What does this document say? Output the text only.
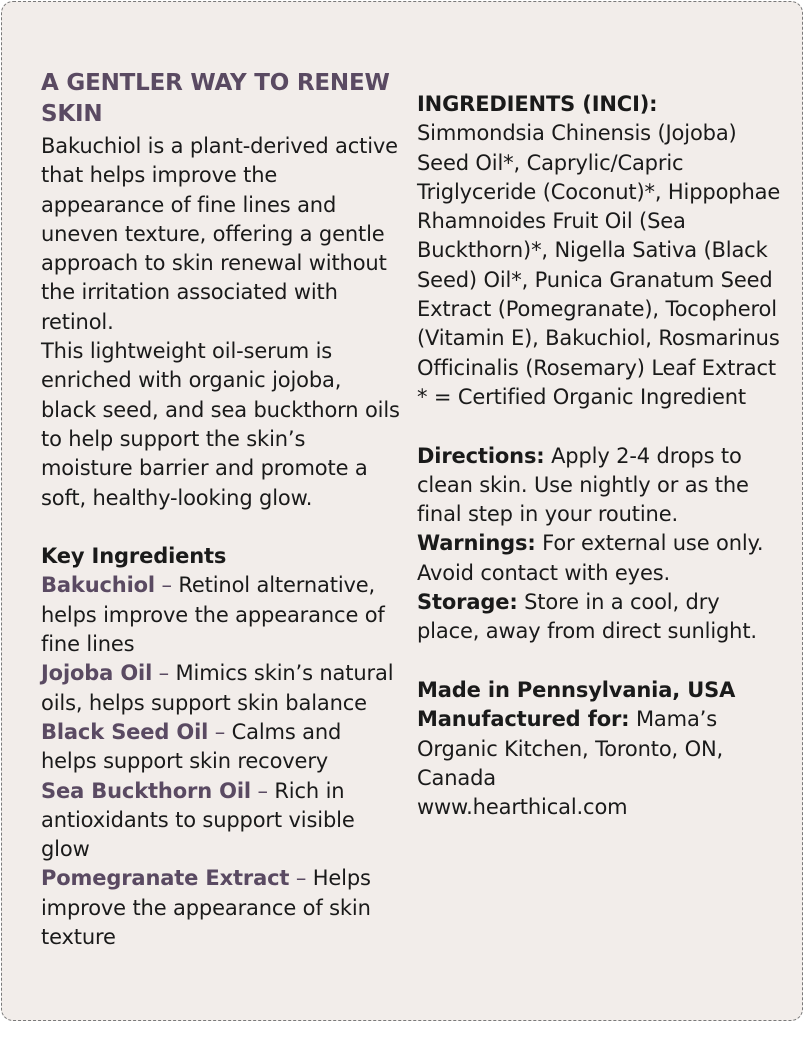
A GENTLER WAY TO RENEW SKIN

Bakuchiol is a plant-derived active that helps improve the appearance of fine lines and uneven texture, offering a gentle approach to skin renewal without the irritation associated with retinol.

This lightweight oil-serum is enriched with organic jojoba, black seed, and sea buckthorn oils to help support the skin’s moisture barrier and promote a soft, healthy-looking glow.

Key Ingredients

Bakuchiol – Retinol alternative, helps improve the appearance of fine lines

Jojoba Oil – Mimics skin’s natural oils, helps support skin balance

Black Seed Oil – Calms and helps support skin recovery

Sea Buckthorn Oil – Rich in antioxidants to support visible glow

Pomegranate Extract – Helps improve the appearance of skin texture

INGREDIENTS (INCI):

Simmondsia Chinensis (Jojoba) Seed Oil*, Caprylic/Capric Triglyceride (Coconut)*, Hippophae Rhamnoides Fruit Oil (Sea Buckthorn)*, Nigella Sativa (Black Seed) Oil*, Punica Granatum Seed Extract (Pomegranate), Tocopherol (Vitamin E), Bakuchiol, Rosmarinus Officinalis (Rosemary) Leaf Extract

* = Certified Organic Ingredient

Directions: Apply 2-4 drops to clean skin. Use nightly or as the final step in your routine.

Warnings: For external use only. Avoid contact with eyes.

Storage: Store in a cool, dry place, away from direct sunlight.

Made in Pennsylvania, USA

Manufactured for: Mama’s Organic Kitchen, Toronto, ON, Canada

www.hearthical.com
